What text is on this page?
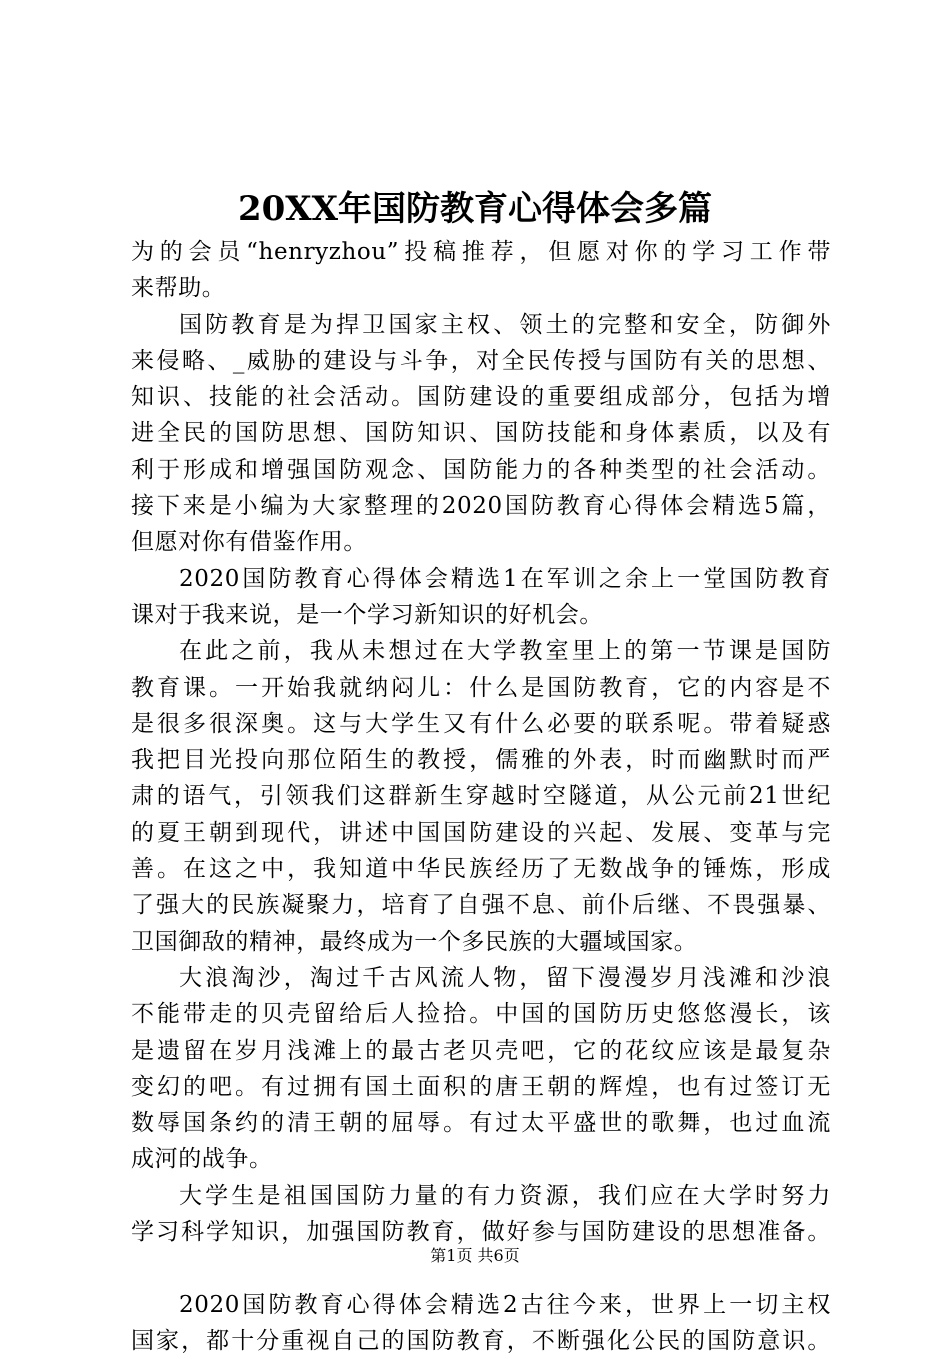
20XX年国防教育心得体会多篇
为的会员“henryzhou”投稿推荐，但愿对你的学习工作带
来帮助。
国防教育是为捍卫国家主权、领土的完整和安全，防御外
来侵略、_威胁的建设与斗争，对全民传授与国防有关的思想、
知识、技能的社会活动。国防建设的重要组成部分，包括为增
进全民的国防思想、国防知识、国防技能和身体素质，以及有
利于形成和增强国防观念、国防能力的各种类型的社会活动。
接下来是小编为大家整理的2020国防教育心得体会精选5篇，
但愿对你有借鉴作用。
2020国防教育心得体会精选1在军训之余上一堂国防教育
课对于我来说，是一个学习新知识的好机会。
在此之前，我从未想过在大学教室里上的第一节课是国防
教育课。一开始我就纳闷儿：什么是国防教育，它的内容是不
是很多很深奥。这与大学生又有什么必要的联系呢。带着疑惑
我把目光投向那位陌生的教授，儒雅的外表，时而幽默时而严
肃的语气，引领我们这群新生穿越时空隧道，从公元前21世纪
的夏王朝到现代，讲述中国国防建设的兴起、发展、变革与完
善。在这之中，我知道中华民族经历了无数战争的锤炼，形成
了强大的民族凝聚力，培育了自强不息、前仆后继、不畏强暴、
卫国御敌的精神，最终成为一个多民族的大疆域国家。
大浪淘沙，淘过千古风流人物，留下漫漫岁月浅滩和沙浪
不能带走的贝壳留给后人捡拾。中国的国防历史悠悠漫长，该
是遗留在岁月浅滩上的最古老贝壳吧，它的花纹应该是最复杂
变幻的吧。有过拥有国土面积的唐王朝的辉煌，也有过签订无
数辱国条约的清王朝的屈辱。有过太平盛世的歌舞，也过血流
成河的战争。
大学生是祖国国防力量的有力资源，我们应在大学时努力
学习科学知识，加强国防教育，做好参与国防建设的思想准备。
2020国防教育心得体会精选2古往今来，世界上一切主权
国家，都十分重视自己的国防教育，不断强化公民的国防意识。
第1页 共6页
